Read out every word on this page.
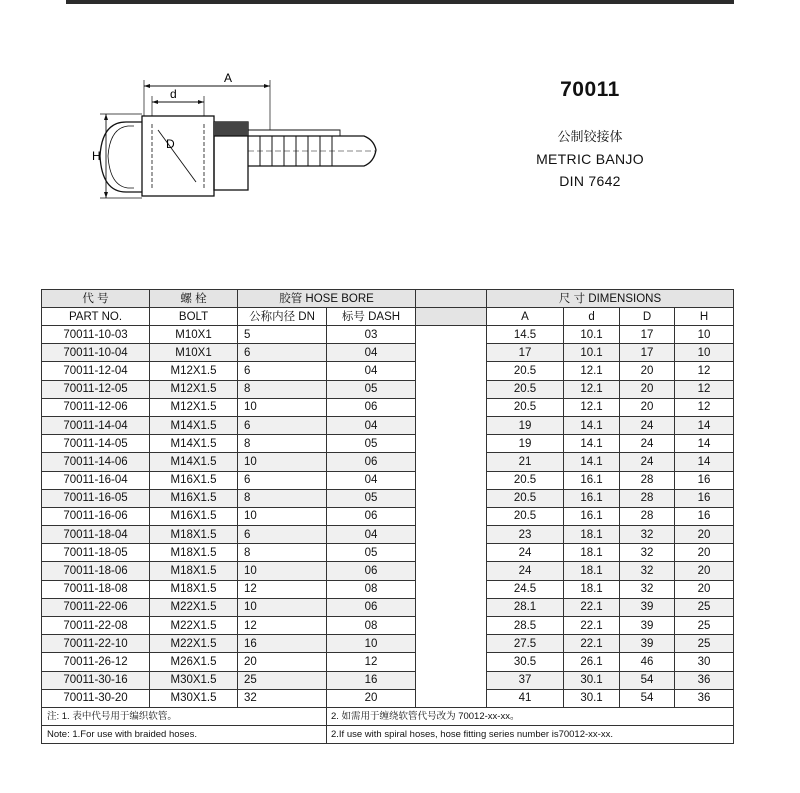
A
d
D
H
70011
公制铰接体
METRIC BANJO
DIN 7642
代 号	螺 栓	胶管 HOSE BORE			尺 寸 DIMENSIONS			
PART NO.	BOLT	公称内径 DN	标号 DASH		A	d	D	H
70011-10-03	M10X1	5	03		14.5	10.1	17	10
70011-10-04	M10X1	6	04		17	10.1	17	10
70011-12-04	M12X1.5	6	04		20.5	12.1	20	12
70011-12-05	M12X1.5	8	05		20.5	12.1	20	12
70011-12-06	M12X1.5	10	06		20.5	12.1	20	12
70011-14-04	M14X1.5	6	04		19	14.1	24	14
70011-14-05	M14X1.5	8	05		19	14.1	24	14
70011-14-06	M14X1.5	10	06		21	14.1	24	14
70011-16-04	M16X1.5	6	04		20.5	16.1	28	16
70011-16-05	M16X1.5	8	05		20.5	16.1	28	16
70011-16-06	M16X1.5	10	06		20.5	16.1	28	16
70011-18-04	M18X1.5	6	04		23	18.1	32	20
70011-18-05	M18X1.5	8	05		24	18.1	32	20
70011-18-06	M18X1.5	10	06		24	18.1	32	20
70011-18-08	M18X1.5	12	08		24.5	18.1	32	20
70011-22-06	M22X1.5	10	06		28.1	22.1	39	25
70011-22-08	M22X1.5	12	08		28.5	22.1	39	25
70011-22-10	M22X1.5	16	10		27.5	22.1	39	25
70011-26-12	M26X1.5	20	12		30.5	26.1	46	30
70011-30-16	M30X1.5	25	16		37	30.1	54	36
70011-30-20	M30X1.5	32	20		41	30.1	54	36
注: 1. 表中代号用于编织软管。			2. 如需用于缠绕软管代号改为 70012-xx-xx。					
Note: 1.For use with braided hoses.			2.If use with spiral hoses, hose fitting series number is70012-xx-xx.					
